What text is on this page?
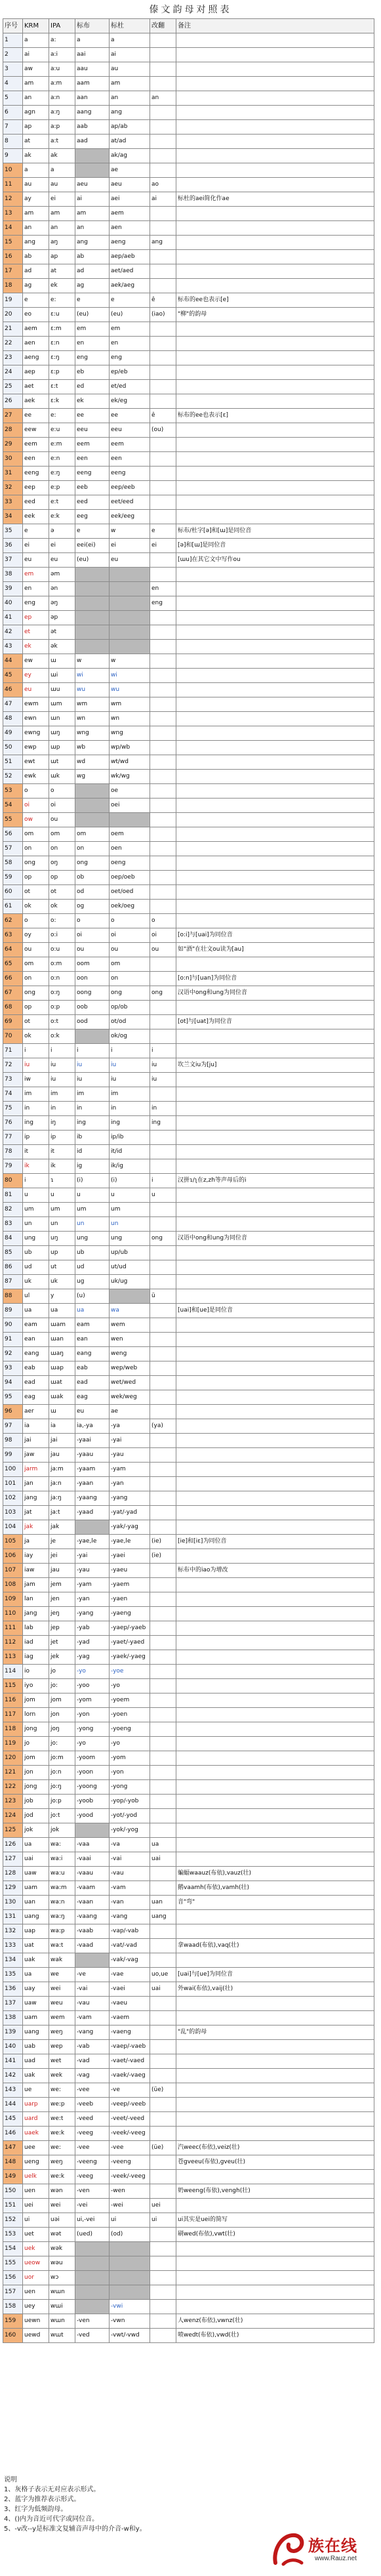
傣文韵母对照表
序号	KRM	IPA	标布	标杜	改翻	备注
1	a	a:	a	a		
2	ai	a:i	aai	ai		
3	aw	a:u	aau	au		
4	am	a:m	aam	am		
5	an	a:n	aan	an	an	
6	agn	a:ŋ	aang	ang		
7	ap	a:p	aab	ap/ab		
8	at	a:t	aad	at/ad		
9	ak	ak		ak/ag		
10	a	a		ae		
11	au	au	aeu	aeu	ao	
12	ay	ei	ai	aei	ai	标杜的aei简化作ae
13	am	am	am	aem		
14	an	an	an	aen		
15	ang	aŋ	ang	aeng	ang	
16	ab	ap	ab	aep/aeb		
17	ad	at	ad	aet/aed		
18	ag	ek	ag	aek/aeg		
19	e	e:	e	e	ê	标布的ee也表示[e]
20	eo	ɛ:u	(eu)	(eu)	(iao)	"柳"的韵母
21	aem	ɛ:m	em	em		
22	aen	ɛ:n	en	en		
23	aeng	ɛ:ŋ	eng	eng		
24	aep	ɛ:p	eb	ep/eb		
25	aet	ɛ:t	ed	et/ed		
26	aek	ɛ:k	ek	ek/eg		
27	ee	e:	ee	ee	ê	标布的ee也表示[ɛ]
28	eew	e:u	eeu	eeu	(ou)	
29	eem	e:m	eem	eem		
30	een	e:n	een	een		
31	eeng	e:ŋ	eeng	eeng		
32	eep	e:p	eeb	eep/eeb		
33	eed	e:t	eed	eet/eed		
34	eek	e:k	eeg	eek/eeg		
35	e	ə	e	w	e	标布/杜字[ə]和[ɯ]是同位音
36	ei	ei	eei(ei)	ei	ei	[ə]和[ɯ]是同位音
37	eu	eu	(eu)	eu		[ɯu]在其它文中写作ou
38	em	əm				
39	en	ən			en	
40	eng	əŋ			eng	
41	ep	əp				
42	et	ət				
43	ek	ək				
44	ew	ɯ	w	w		
45	ey	ɯi	wi	wi		
46	eu	ɯu	wu	wu		
47	ewm	ɯm	wm	wm		
48	ewn	ɯn	wn	wn		
49	ewng	ɯŋ	wng	wng		
50	ewp	ɯp	wb	wp/wb		
51	ewt	ɯt	wd	wt/wd		
52	ewk	ɯk	wg	wk/wg		
53	o	o		oe		
54	oi	oi		oei		
55	ow	ou				
56	om	om	om	oem		
57	on	on	on	oen		
58	ong	oŋ	ong	oeng		
59	op	op	ob	oep/oeb		
60	ot	ot	od	oet/oed		
61	ok	ok	og	oek/oeg		
62	o	o:	o	o	o	
63	oy	o:i	oi	oi	oi	[o:i]与[uai]为同位音
64	ou	o:u	ou	ou	ou	如"酒"在壮文ou读为[au]
65	om	o:m	oom	om		
66	on	o:n	oon	on		[o:n]与[uan]为同位音
67	ong	o:ŋ	oong	ong	ong	汉语中ong和ung为同位音
68	op	o:p	oob	op/ob		
69	ot	o:t	ood	ot/od		[ot]与[uat]为同位音
70	ok	o:k		ok/og		
71	i	i	i	i	i	
72	iu	iu	iu	iu	iu	坎兰文iu为[ju]
73	iw	iu	iu	iu	iu	
74	im	im	im	im		
75	in	in	in	in	in	
76	ing	iŋ	ing	ing	ing	
77	ip	ip	ib	ip/ib		
78	it	it	id	it/id		
79	ik	ik	ig	ik/ig		
80	i	ɿ	(i)	(i)	i	汉拼ɿ/ʅ在z,zh等声母后的i
81	u	u	u	u	u	
82	um	um	um	um		
83	un	un	un	un		
84	ung	uŋ	ung	ung	ong	汉语中ong和ung为同位音
85	ub	up	ub	up/ub		
86	ud	ut	ud	ut/ud		
87	uk	uk	ug	uk/ug		
88	ul	y	(u)		ü	
89	ua	ua	ua	wa		[uai]和[ue]是同位音
90	eam	ɯam	eam	wem		
91	ean	ɯan	ean	wen		
92	eang	ɯaŋ	eang	weng		
93	eab	ɯap	eab	wep/web		
94	ead	ɯat	ead	wet/wed		
95	eag	ɯak	eag	wek/weg		
96	aer	ɯ	eu	ae		
97	ia	ia	ia,-ya	-ya	(ya)	
98	jai	jai	-yaai	-yai		
99	jaw	jau	-yaau	-yau		
100	jarm	ja:m	-yaam	-yam		
101	jan	ja:n	-yaan	-yan		
102	jang	ja:ŋ	-yaang	-yang		
103	jat	ja:t	-yaad	-yat/-yad		
104	jak	jak		-yak/-yag		
105	ja	je	-yae,le	-yae,le	(ie)	[ie]和[iɛ]为同位音
106	iay	jei	-yai	-yaei	(ie)	
107	iaw	jau	-yau	-yaeu		标布中的iao为增改
108	jam	jem	-yam	-yaem		
109	lan	jen	-yan	-yaen		
110	jang	jeŋ	-yang	-yaeng		
111	lab	jep	-yab	-yaep/-yaeb		
112	iad	jet	-yad	-yaet/-yaed		
113	iag	jek	-yag	-yaek/-yaeg		
114	io	jo	-yo	-yoe		
115	iyo	jo:	-yoo	-yo		
116	jom	jom	-yom	-yoem		
117	lorn	jon	-yon	-yoen		
118	jong	joŋ	-yong	-yoeng		
119	jo	jo:	-yo	-yo		
120	jom	jo:m	-yoom	-yom		
121	jon	jo:n	-yoon	-yon		
122	jong	jo:ŋ	-yoong	-yong		
123	job	jo:p	-yoob	-yop/-yob		
124	jod	jo:t	-yood	-yot/-yod		
125	jok	jok		-yok/-yog		
126	ua	wa:	-vaa	-va	ua	
127	uai	wa:i	-vaai	-vai	uai	
128	uaw	wa:u	-vaau	-vau		蝙蝠waauz(布依),vauz(壮)
129	uam	wa:m	-vaam	-vam		鹅vaamh(布依),vamh(壮)
130	uan	wa:n	-vaan	-van	uan	音"弯"
131	uang	wa:ŋ	-vaang	-vang	uang	
132	uap	wa:p	-vaab	-vap/-vab		
133	uat	wa:t	-vaad	-vat/-vad		拿waad(布依),vaq(壮)
134	uak	wak		-vak/-vag		
135	ua	we	-ve	-vae	uo,ue	[uai]与[ue]为同位音
136	uay	wei	-vai	-vaei	uai	外wai(布依),vaij(壮)
137	uaw	weu	-vau	-vaeu		
138	uam	wem	-vam	-vaem		
139	uang	weŋ	-vang	-vaeng		"乱"的韵母
140	uab	wep	-vab	-vaep/-vaeb		
141	uad	wet	-vad	-vaet/-vaed		
142	uak	wek	-vag	-vaek/-vaeg		
143	ue	we:	-vee	-ve	(üe)	
144	uarp	we:p	-veeb	-veep/-veeb		
145	uard	we:t	-veed	-veet/-veed		
146	uaek	we:k	-veeg	-veek/-veeg		
147	uee	we:	-vee	-vee	(üe)	汽weec(布依),veiz(壮)
148	ueng	weŋ	-veeng	-veeng		苍gveeu(布依),gveu(壮)
149	uelk	we:k	-veeg	-veek/-veeg		
150	uen	wən	-ven	-wen		奶weeng(布依),vengh(壮)
151	uei	wei	-vei	-wei	uei	
152	ui	uəi	ui,-vei	ui	ui	ui其实是uei的简写
153	uet	wət	(ued)	(od)		刷wed(布依),vwt(壮)
154	uek	wək				
155	ueow	wəu				
156	uor	wɔ				
157	uen	wɯn				
158	uey	wɯi		-vwi		
159	uewn	wɯn	-ven	-vwn		人wenz(布依),vwnz(壮)
160	uewd	wɯt	-ved	-vwt/-vwd		喷wedt(布依),vwd(壮)
说明
1、灰格子表示无对应表示形式。
2、蓝字为推荐表示形式。
3、红字为低频韵母。
4、()内为音近可代字或同位音。
5、-v改--y是标准文复辅音声母中的介音-w和y。
族在线
www.Rauz.net
